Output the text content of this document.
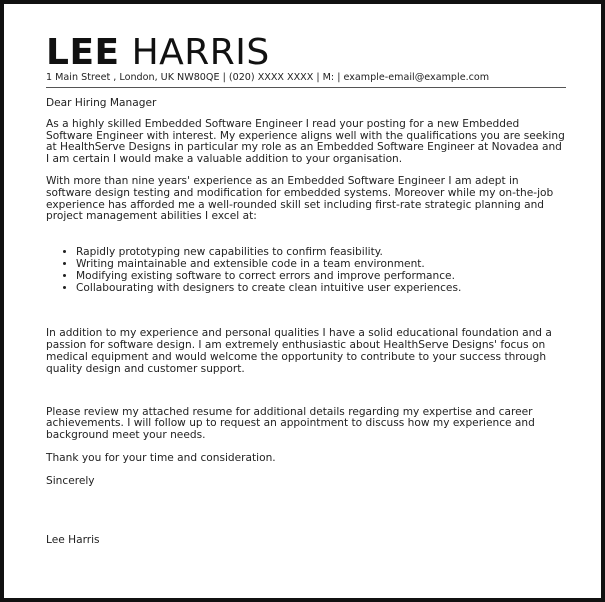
LEE HARRIS
1 Main Street , London, UK NW80QE | (020) XXXX XXXX | M: | example-email@example.com

Dear Hiring Manager

As a highly skilled Embedded Software Engineer I read your posting for a new Embedded Software Engineer with interest. My experience aligns well with the qualifications you are seeking at HealthServe Designs in particular my role as an Embedded Software Engineer at Novadea and I am certain I would make a valuable addition to your organisation.

With more than nine years' experience as an Embedded Software Engineer I am adept in software design testing and modification for embedded systems. Moreover while my on-the-job experience has afforded me a well-rounded skill set including first-rate strategic planning and project management abilities I excel at:

• Rapidly prototyping new capabilities to confirm feasibility.
• Writing maintainable and extensible code in a team environment.
• Modifying existing software to correct errors and improve performance.
• Collabourating with designers to create clean intuitive user experiences.

In addition to my experience and personal qualities I have a solid educational foundation and a passion for software design. I am extremely enthusiastic about HealthServe Designs' focus on medical equipment and would welcome the opportunity to contribute to your success through quality design and customer support.

Please review my attached resume for additional details regarding my expertise and career achievements. I will follow up to request an appointment to discuss how my experience and background meet your needs.

Thank you for your time and consideration.

Sincerely

Lee Harris
